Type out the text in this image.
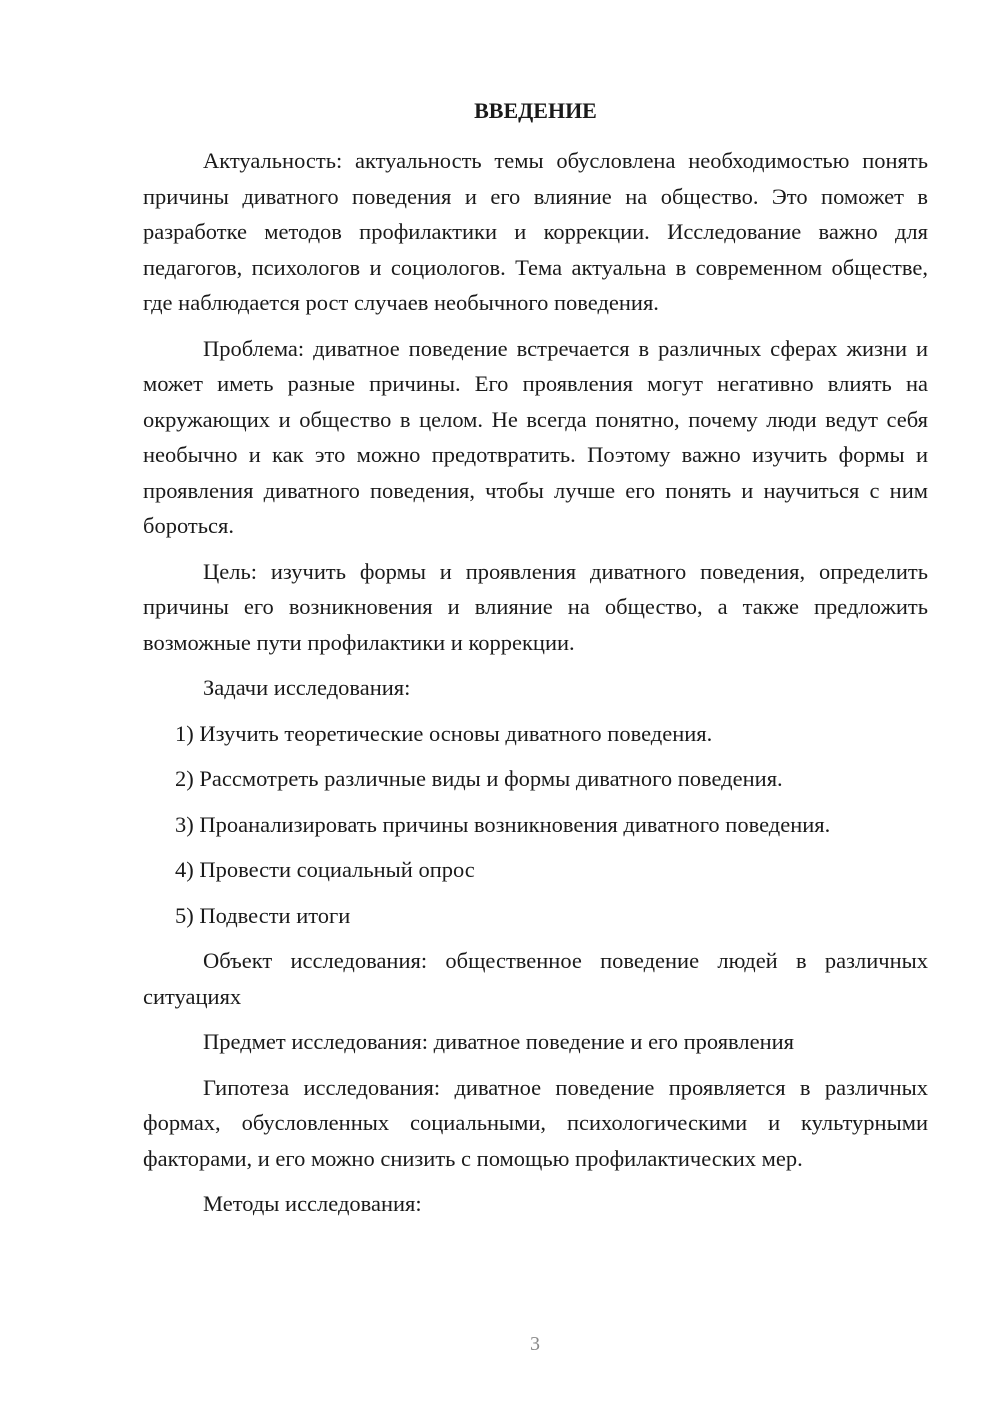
ВВЕДЕНИЕ

Актуальность: актуальность темы обусловлена необходимостью понять причины диватного поведения и его влияние на общество. Это поможет в разработке методов профилактики и коррекции. Исследование важно для педагогов, психологов и социологов. Тема актуальна в современном обществе, где наблюдается рост случаев необычного поведения.

Проблема: диватное поведение встречается в различных сферах жизни и может иметь разные причины. Его проявления могут негативно влиять на окружающих и общество в целом. Не всегда понятно, почему люди ведут себя необычно и как это можно предотвратить. Поэтому важно изучить формы и проявления диватного поведения, чтобы лучше его понять и научиться с ним бороться.

Цель: изучить формы и проявления диватного поведения, определить причины его возникновения и влияние на общество, а также предложить возможные пути профилактики и коррекции.

Задачи исследования:

1) Изучить теоретические основы диватного поведения.

2) Рассмотреть различные виды и формы диватного поведения.

3) Проанализировать причины возникновения диватного поведения.

4) Провести социальный опрос

5) Подвести итоги

Объект исследования: общественное поведение людей в различных ситуациях

Предмет исследования: диватное поведение и его проявления

Гипотеза исследования: диватное поведение проявляется в различных формах, обусловленных социальными, психологическими и культурными факторами, и его можно снизить с помощью профилактических мер.

Методы исследования:

3
